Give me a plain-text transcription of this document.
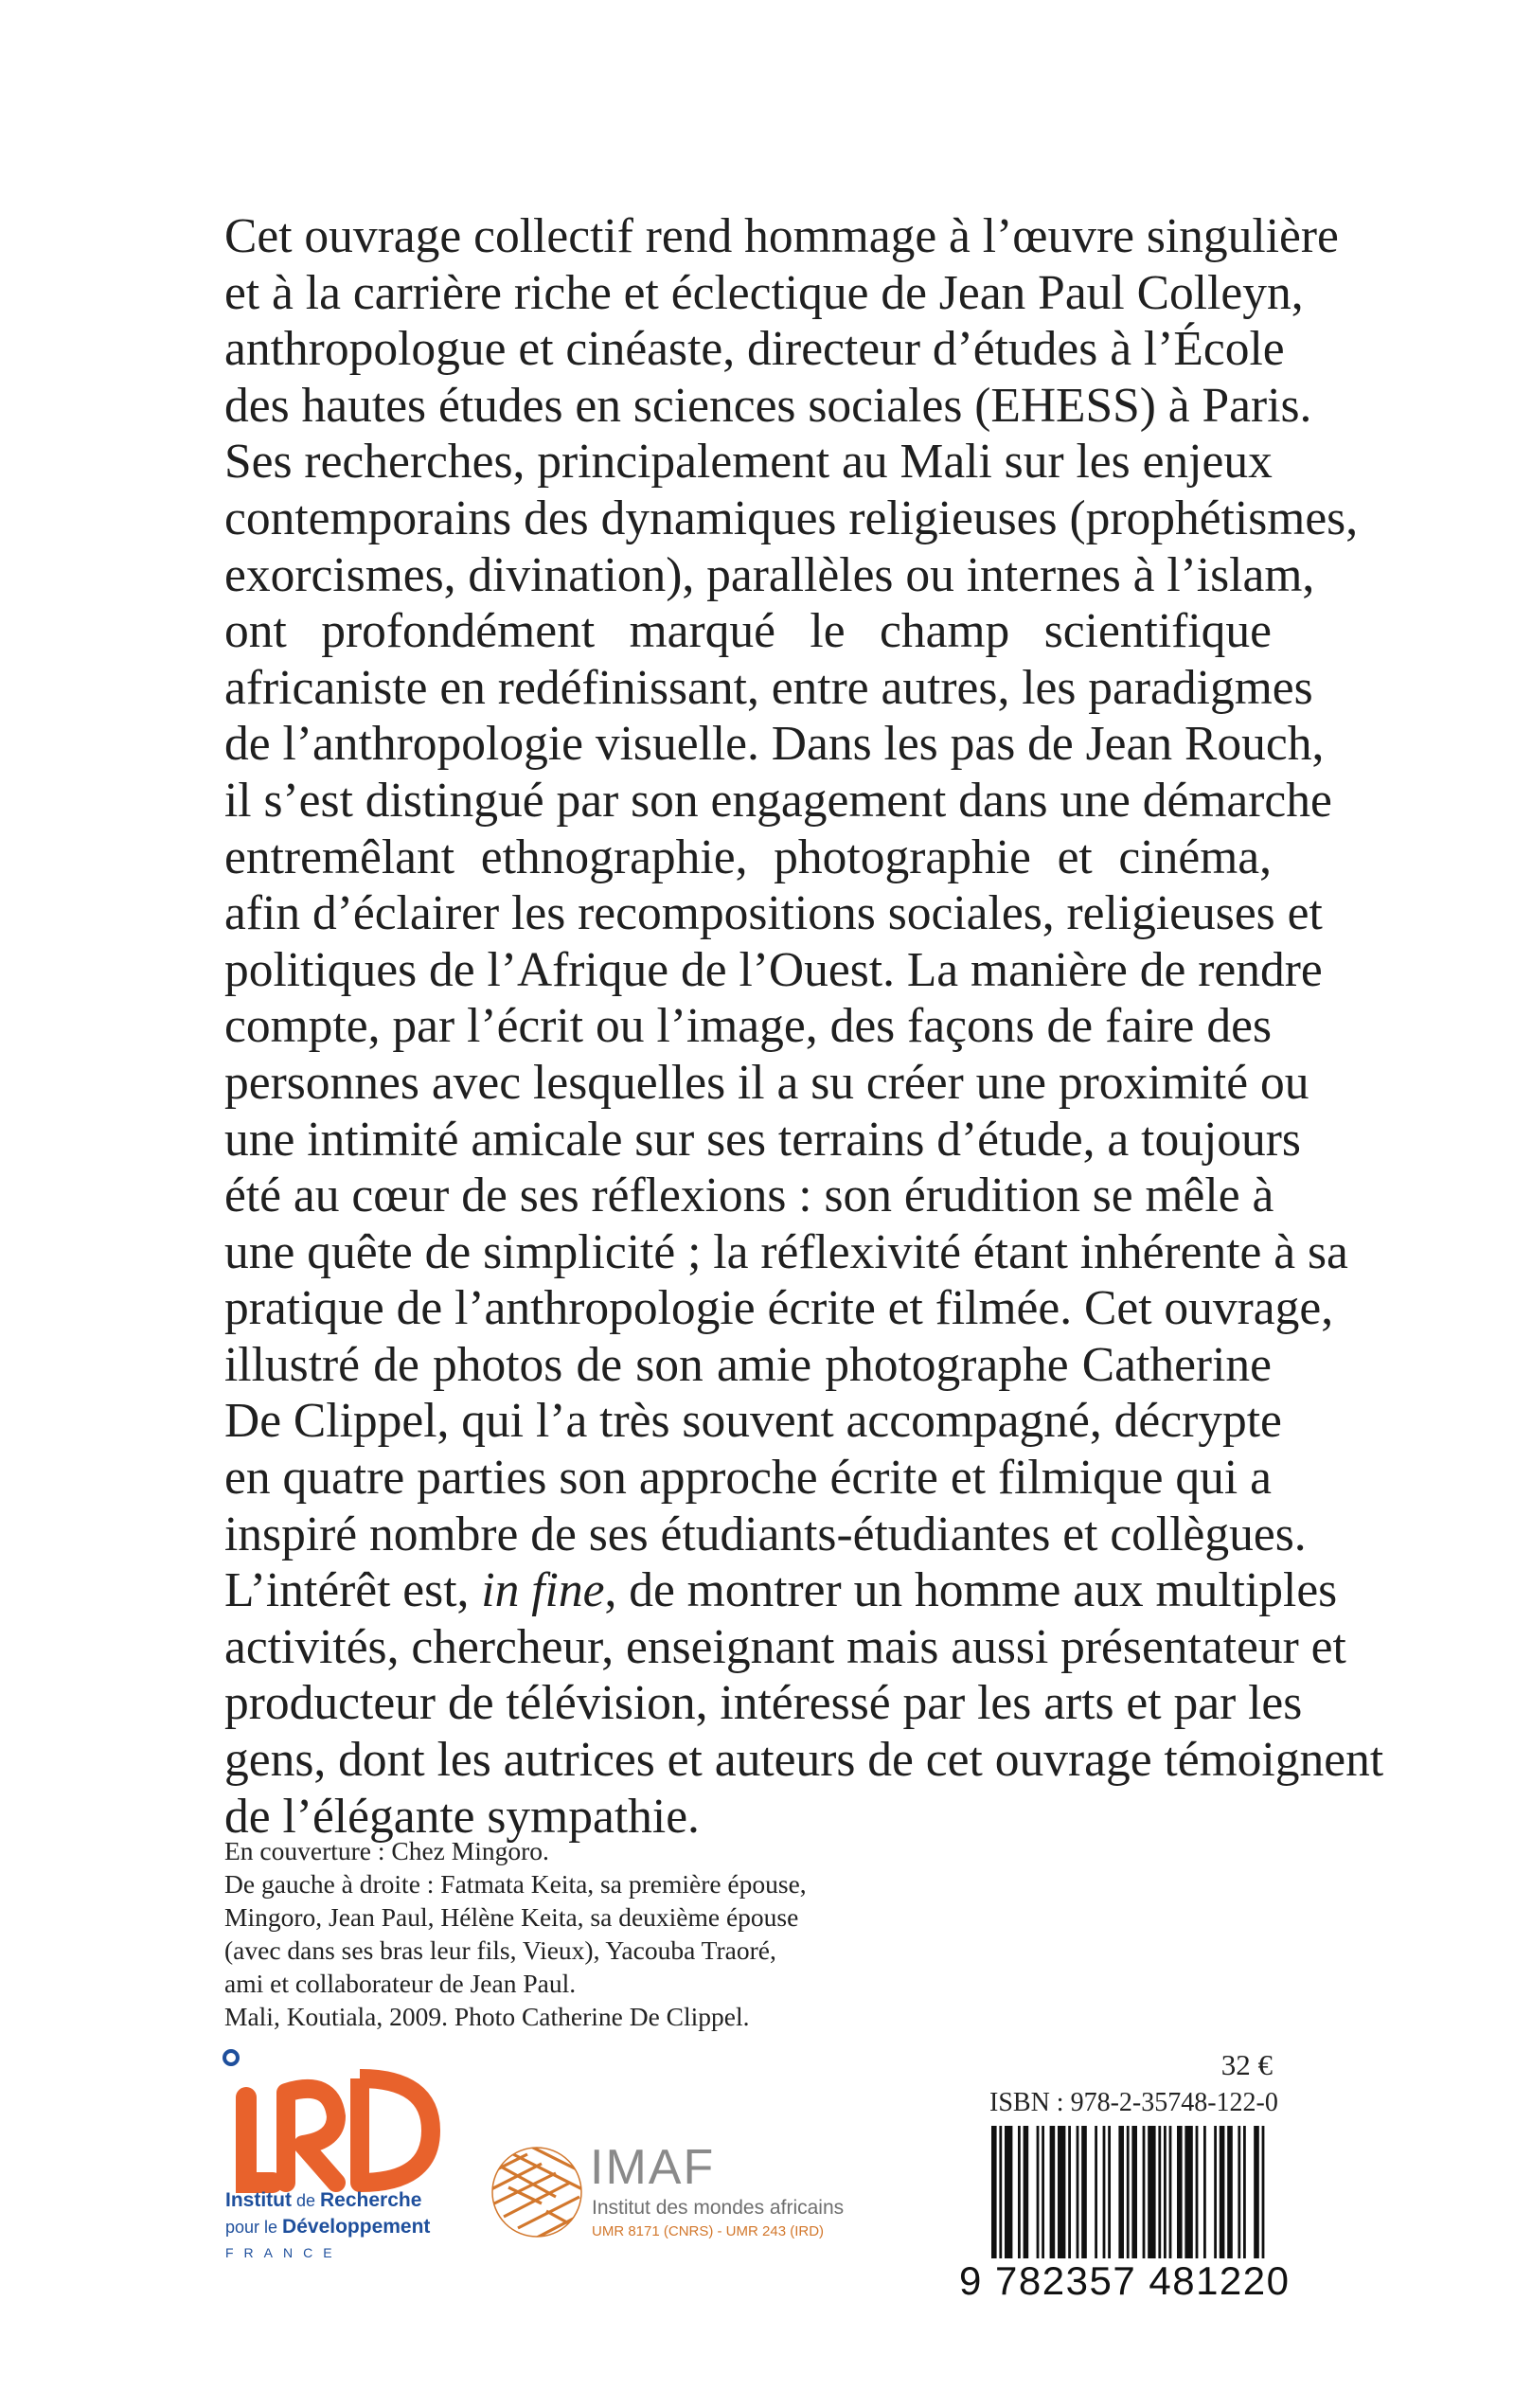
Cet ouvrage collectif rend hommage à l’œuvre singulière
et à la carrière riche et éclectique de Jean Paul Colleyn,
anthropologue et cinéaste, directeur d’études à l’École
des hautes études en sciences sociales (EHESS) à Paris.
Ses recherches, principalement au Mali sur les enjeux
contemporains des dynamiques religieuses (prophétismes,
exorcismes, divination), parallèles ou internes à l’islam,
ont profondément marqué le champ scientifique
africaniste en redéfinissant, entre autres, les paradigmes
de l’anthropologie visuelle. Dans les pas de Jean Rouch,
il s’est distingué par son engagement dans une démarche
entremêlant ethnographie, photographie et cinéma,
afin d’éclairer les recompositions sociales, religieuses et
politiques de l’Afrique de l’Ouest. La manière de rendre
compte, par l’écrit ou l’image, des façons de faire des
personnes avec lesquelles il a su créer une proximité ou
une intimité amicale sur ses terrains d’étude, a toujours
été au cœur de ses réflexions : son érudition se mêle à
une quête de simplicité ; la réflexivité étant inhérente à sa
pratique de l’anthropologie écrite et filmée. Cet ouvrage,
illustré de photos de son amie photographe Catherine
De Clippel, qui l’a très souvent accompagné, décrypte
en quatre parties son approche écrite et filmique qui a
inspiré nombre de ses étudiants-étudiantes et collègues.
L’intérêt est, in fine, de montrer un homme aux multiples
activités, chercheur, enseignant mais aussi présentateur et
producteur de télévision, intéressé par les arts et par les
gens, dont les autrices et auteurs de cet ouvrage témoignent
de l’élégante sympathie.

En couverture : Chez Mingoro.
De gauche à droite : Fatmata Keita, sa première épouse,
Mingoro, Jean Paul, Hélène Keita, sa deuxième épouse
(avec dans ses bras leur fils, Vieux), Yacouba Traoré,
ami et collaborateur de Jean Paul.
Mali, Koutiala, 2009. Photo Catherine De Clippel.
IRD
Institut de Recherche
pour le Développement
FRANCE
IMAF
Institut des mondes africains
UMR 8171 (CNRS) - UMR 243 (IRD)
32 €
ISBN : 978-2-35748-122-0
9 782357 481220
